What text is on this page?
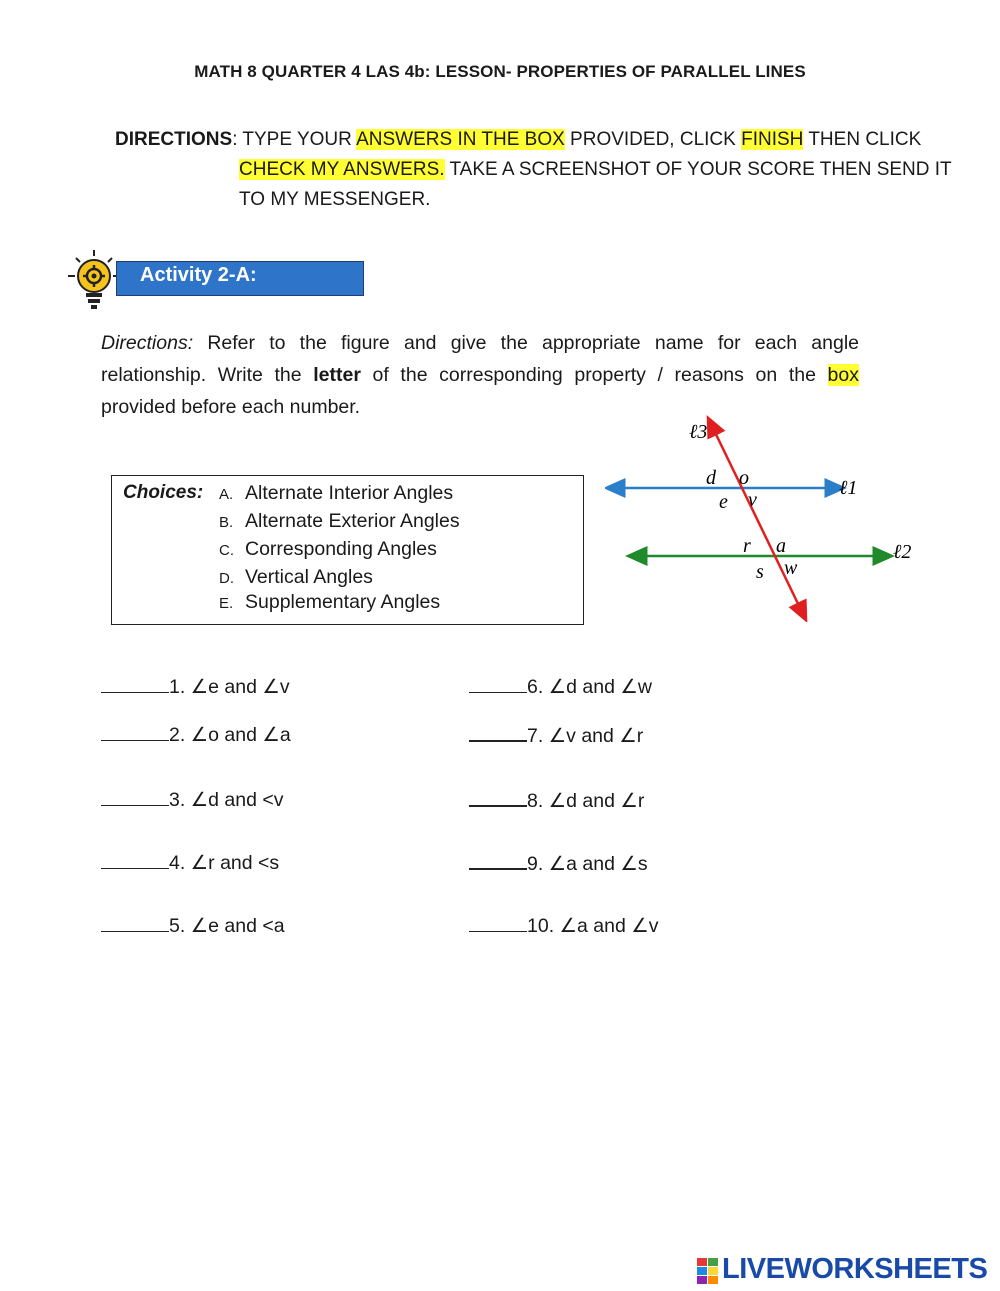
MATH 8 QUARTER 4 LAS 4b: LESSON- PROPERTIES OF PARALLEL LINES
DIRECTIONS: TYPE YOUR ANSWERS IN THE BOX PROVIDED, CLICK FINISH THEN CLICK
CHECK MY ANSWERS. TAKE A SCREENSHOT OF YOUR SCORE THEN SEND IT
TO MY MESSENGER.
Activity 2-A:
Directions: Refer to the figure and give the appropriate name for each angle
relationship. Write the letter of the corresponding property / reasons on the box
provided before each number.
Choices: A. Alternate Interior Angles
B. Alternate Exterior Angles
C. Corresponding Angles
D. Vertical Angles
E. Supplementary Angles
ℓ3
ℓ1
ℓ2
d o
e v
r a
s w
1. ∠e and ∠v
2. ∠o and ∠a
3. ∠d and <v
4. ∠r and <s
5. ∠e and <a
6. ∠d and ∠w
7. ∠v and ∠r
8. ∠d and ∠r
9. ∠a and ∠s
10. ∠a and ∠v
LIVEWORKSHEETS
